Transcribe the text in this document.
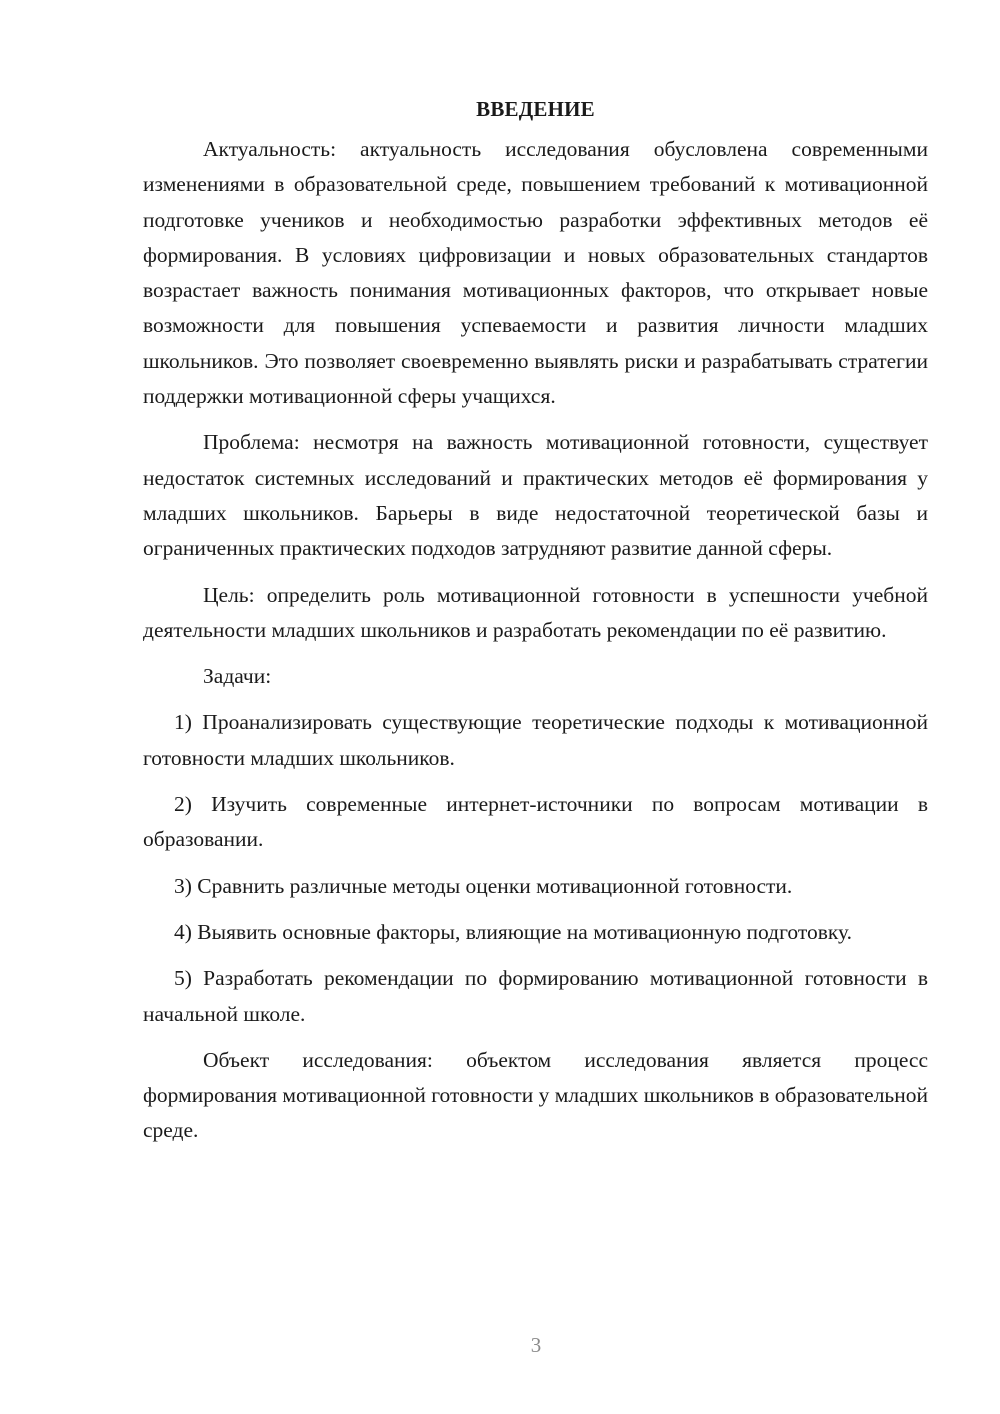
ВВЕДЕНИЕ

Актуальность: актуальность исследования обусловлена современными изменениями в образовательной среде, повышением требований к мотивационной подготовке учеников и необходимостью разработки эффективных методов её формирования. В условиях цифровизации и новых образовательных стандартов возрастает важность понимания мотивационных факторов, что открывает новые возможности для повышения успеваемости и развития личности младших школьников. Это позволяет своевременно выявлять риски и разрабатывать стратегии поддержки мотивационной сферы учащихся.

Проблема: несмотря на важность мотивационной готовности, существует недостаток системных исследований и практических методов её формирования у младших школьников. Барьеры в виде недостаточной теоретической базы и ограниченных практических подходов затрудняют развитие данной сферы.

Цель: определить роль мотивационной готовности в успешности учебной деятельности младших школьников и разработать рекомендации по её развитию.

Задачи:

1) Проанализировать существующие теоретические подходы к мотивационной готовности младших школьников.

2) Изучить современные интернет-источники по вопросам мотивации в образовании.

3) Сравнить различные методы оценки мотивационной готовности.

4) Выявить основные факторы, влияющие на мотивационную подготовку.

5) Разработать рекомендации по формированию мотивационной готовности в начальной школе.

Объект исследования: объектом исследования является процесс формирования мотивационной готовности у младших школьников в образовательной среде.

3
